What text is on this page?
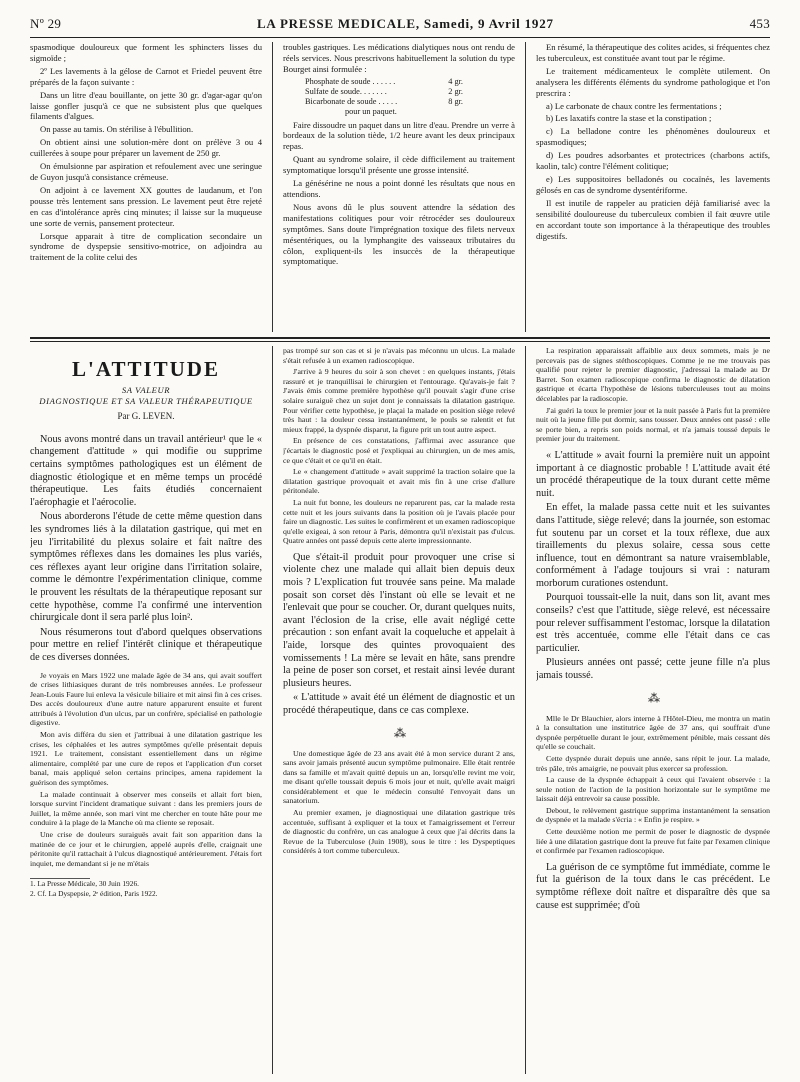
Nº 29	LA PRESSE MEDICALE, Samedi, 9 Avril 1927	453

spasmodique douloureux que forment les sphincters lisses du sigmoïde ;

2º Les lavements à la gélose de Carnot et Friedel peuvent être préparés de la façon suivante :

Dans un litre d'eau bouillante, on jette 30 gr. d'agar-agar qu'on laisse gonfler jusqu'à ce que ne subsistent plus que quelques filaments d'algues.

On passe au tamis. On stérilise à l'ébullition.

On obtient ainsi une solution-mère dont on prélève 3 ou 4 cuillerées à soupe pour préparer un lavement de 250 gr.

On émulsionne par aspiration et refoulement avec une seringue de Guyon jusqu'à consistance crémeuse.

On adjoint à ce lavement XX gouttes de laudanum, et l'on pousse très lentement sans pression. Le lavement peut être rejeté en cas d'intolérance après cinq minutes; il laisse sur la muqueuse une sorte de vernis, pansement protecteur.

Lorsque apparait à titre de complication secondaire un syndrome de dyspepsie sensitivo-motrice, on adjoindra au traitement de la colite celui des

troubles gastriques. Les médications dialytiques nous ont rendu de réels services. Nous prescrivons habituellement la solution du type Bourget ainsi formulée :

Phosphate de soude . . . . . .	4 gr.
Sulfate de soude. . . . . . .	2 gr.
Bicarbonate de soude . . . . .	8 gr.
pour un paquet.

Faire dissoudre un paquet dans un litre d'eau. Prendre un verre à bordeaux de la solution tiède, 1/2 heure avant les deux principaux repas.

Quant au syndrome solaire, il cède difficilement au traitement symptomatique lorsqu'il présente une grosse intensité.

La génésérine ne nous a point donné les résultats que nous en attendions.

Nous avons dû le plus souvent attendre la sédation des manifestations colitiques pour voir rétrocéder ses douloureux symptômes. Sans doute l'imprégnation toxique des filets nerveux mésentériques, ou la lymphangite des vaisseaux tributaires du côlon, expliquent-ils les insuccès de la thérapeutique symptomatique.

En résumé, la thérapeutique des colites acides, si fréquentes chez les tuberculeux, est constituée avant tout par le régime.

Le traitement médicamenteux le complète utilement. On analysera les différents éléments du syndrome pathologique et l'on prescrira :

a) Le carbonate de chaux contre les fermentations ;

b) Les laxatifs contre la stase et la constipation ;

c) La belladone contre les phénomènes douloureux et spasmodiques;

d) Les poudres adsorbantes et protectrices (charbons actifs, kaolin, talc) contre l'élément colitique;

e) Les suppositoires belladonés ou cocaïnés, les lavements gélosés en cas de syndrome dysentériforme.

Il est inutile de rappeler au praticien déjà familiarisé avec la sensibilité douloureuse du tuberculeux combien il fait œuvre utile en accordant toute son importance à la thérapeutique des troubles digestifs.

L'ATTITUDE
SA VALEUR
DIAGNOSTIQUE ET SA VALEUR THÉRAPEUTIQUE
Par G. LEVEN.

Nous avons montré dans un travail antérieur¹ que le « changement d'attitude » qui modifie ou supprime certains symptômes pathologiques est un élément de diagnostic étiologique et en même temps un procédé thérapeutique. Les faits étudiés concernaient l'aérophagie et l'aérocolie.

Nous aborderons l'étude de cette même question dans les syndromes liés à la dilatation gastrique, qui met en jeu l'irritabilité du plexus solaire et fait naître des symptômes réflexes dans les domaines les plus variés, ces réflexes ayant leur origine dans l'irritation solaire, comme le démontre l'expérimentation clinique, comme le prouvent les résultats de la thérapeutique reposant sur cette hypothèse, comme l'a confirmé une intervention chirurgicale dont il sera parlé plus loin².

Nous résumerons tout d'abord quelques observations pour mettre en relief l'intérêt clinique et thérapeutique de ces diverses données.

Je voyais en Mars 1922 une malade âgée de 34 ans, qui avait souffert de crises lithiasiques durant de très nombreuses années. Le professeur Jean-Louis Faure lui enleva la vésicule biliaire et mit ainsi fin à ces crises. Des accès douloureux d'une autre nature apparurent ensuite et furent attribués à l'évolution d'un ulcus, par un confrère, spécialisé en pathologie digestive.

Mon avis différa du sien et j'attribuai à une dilatation gastrique les crises, les céphalées et les autres symptômes qu'elle présentait depuis 1921. Le traitement, consistant essentiellement dans un régime alimentaire, complété par une cure de repos et l'application d'un corset banal, mais appliqué selon certains principes, amena rapidement la guérison des symptômes.

La malade continuait à observer mes conseils et allait fort bien, lorsque survint l'incident dramatique suivant : dans les premiers jours de Juillet, la même année, son mari vint me chercher en toute hâte pour me conduire à la plage de la Manche où ma cliente se reposait.

Une crise de douleurs suraiguës avait fait son apparition dans la matinée de ce jour et le chirurgien, appelé auprès d'elle, craignait une péritonite qu'il rattachait à l'ulcus diagnostiqué antérieurement. J'étais fort inquiet, me demandant si je ne m'étais

1. La Presse Médicale, 30 Juin 1926.
2. Cf. La Dyspepsie, 2ᵉ édition, Paris 1922.

pas trompé sur son cas et si je n'avais pas méconnu un ulcus. La malade s'était refusée à un examen radioscopique.

J'arrive à 9 heures du soir à son chevet : en quelques instants, j'étais rassuré et je tranquillisai le chirurgien et l'entourage. Qu'avais-je fait ? J'avais émis comme première hypothèse qu'il pouvait s'agir d'une crise solaire suraiguë chez un sujet dont je connaissais la dilatation gastrique. Pour vérifier cette hypothèse, je plaçai la malade en position siège relevé très haut : la douleur cessa instantanément, le pouls se ralentit et fut mieux frappé, la dyspnée disparut, la figure prit un tout autre aspect.

En présence de ces constatations, j'affirmai avec assurance que j'écartais le diagnostic posé et j'expliquai au chirurgien, un de mes amis, ce que c'était et ce qu'il en était.

Le « changement d'attitude » avait supprimé la traction solaire que la dilatation gastrique provoquait et avait mis fin à une crise d'allure péritonéale.

La nuit fut bonne, les douleurs ne reparurent pas, car la malade resta cette nuit et les jours suivants dans la position où je l'avais placée pour faire un diagnostic. Les suites le confirmèrent et un examen radioscopique qu'elle exigeai, à son retour à Paris, démontra qu'il n'existait pas d'ulcus. Quatre années ont passé depuis cette alerte impressionnante.

Que s'était-il produit pour provoquer une crise si violente chez une malade qui allait bien depuis deux mois ? L'explication fut trouvée sans peine. Ma malade posait son corset dès l'instant où elle se levait et ne l'enlevait que pour se coucher. Or, durant quelques nuits, avant l'éclosion de la crise, elle avait négligé cette précaution : son enfant avait la coqueluche et appelait à l'aide, lorsque des quintes provoquaient des vomissements ! La mère se levait en hâte, sans prendre la peine de poser son corset, et restait ainsi levée durant plusieurs heures.

« L'attitude » avait été un élément de diagnostic et un procédé thérapeutique, dans ce cas complexe.

⁂

Une domestique âgée de 23 ans avait été à mon service durant 2 ans, sans avoir jamais présenté aucun symptôme pulmonaire. Elle était rentrée dans sa famille et m'avait quitté depuis un an, lorsqu'elle revint me voir, me disant qu'elle toussait depuis 6 mois jour et nuit, qu'elle avait maigri considérablement et que le médecin consulté l'envoyait dans un sanatorium.

Au premier examen, je diagnostiquai une dilatation gastrique très accentuée, suffisant à expliquer et la toux et l'amaigrissement et l'erreur de diagnostic du confrère, un cas analogue à ceux que j'ai décrits dans la Revue de la Tuberculose (Juin 1908), sous le titre : les Dyspeptiques considérés à tort comme tuberculeux.

La respiration apparaissait affaiblie aux deux sommets, mais je ne percevais pas de signes stéthoscopiques. Comme je ne me trouvais pas qualifié pour rejeter le premier diagnostic, j'adressai la malade au Dr Barret. Son examen radioscopique confirma le diagnostic de dilatation gastrique et écarta l'hypothèse de lésions tuberculeuses tout au moins décelables par la radioscopie.

J'ai guéri la toux le premier jour et la nuit passée à Paris fut la première nuit où la jeune fille put dormir, sans tousser. Deux années ont passé : elle se porte bien, a repris son poids normal, et n'a jamais toussé depuis le premier jour du traitement.

« L'attitude » avait fourni la première nuit un appoint important à ce diagnostic probable ! L'attitude avait été un procédé thérapeutique de la toux durant cette même nuit.

En effet, la malade passa cette nuit et les suivantes dans l'attitude, siège relevé; dans la journée, son estomac fut soutenu par un corset et la toux réflexe, due aux tiraillements du plexus solaire, cessa sous cette influence, tout en démontrant sa nature vraisemblable, conformément à l'adage toujours si vrai : naturam morborum curationes ostendunt.

Pourquoi toussait-elle la nuit, dans son lit, avant mes conseils? c'est que l'attitude, siège relevé, est nécessaire pour relever suffisamment l'estomac, lorsque la dilatation est très accentuée, comme elle l'était dans ce cas particulier.

Plusieurs années ont passé; cette jeune fille n'a plus jamais toussé.

⁂

Mlle le Dr Blauchier, alors interne à l'Hôtel-Dieu, me montra un matin à la consultation une institutrice âgée de 37 ans, qui souffrait d'une dyspnée perpétuelle durant le jour, extrêmement pénible, mais cessant dès qu'elle se couchait.

Cette dyspnée durait depuis une année, sans répit le jour. La malade, très pâle, très amaigrie, ne pouvait plus exercer sa profession.

La cause de la dyspnée échappait à ceux qui l'avaient observée : la seule notion de l'action de la position horizontale sur le symptôme me laissait déjà entrevoir sa cause possible.

Debout, le relèvement gastrique supprima instantanément la sensation de dyspnée et la malade s'écria : « Enfin je respire. »

Cette deuxième notion me permit de poser le diagnostic de dyspnée liée à une dilatation gastrique dont la preuve fut faite par l'examen clinique et confirmée par l'examen radioscopique.

La guérison de ce symptôme fut immédiate, comme le fut la guérison de la toux dans le cas précédent. Le symptôme réflexe doit naître et disparaître dès que sa cause est supprimée; d'où
